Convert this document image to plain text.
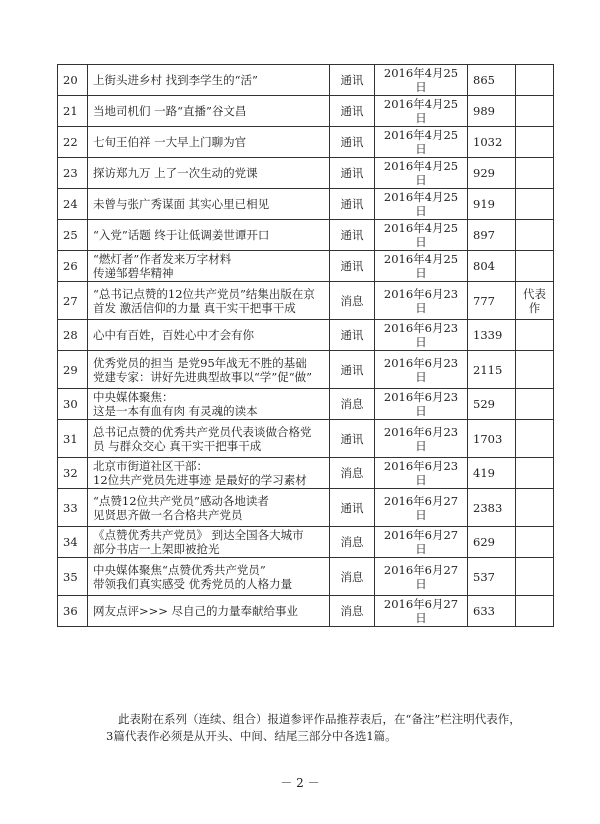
20	上街头进乡村 找到李学生的“活”	通讯	2016年4月25日	865	
21	当地司机们 一路“直播”谷文昌	通讯	2016年4月25日	989	
22	七旬王伯祥 一大早上门聊为官	通讯	2016年4月25日	1032	
23	探访郑九万 上了一次生动的党课	通讯	2016年4月25日	929	
24	未曾与张广秀谋面 其实心里已相见	通讯	2016年4月25日	919	
25	“入党”话题 终于让低调姜世谭开口	通讯	2016年4月25日	897	
26	“燃灯者”作者发来万字材料
传递邹碧华精神	通讯	2016年4月25日	804	
27	“总书记点赞的12位共产党员”结集出版在京
首发 激活信仰的力量 真干实干把事干成	消息	2016年6月23日	777	代表作
28	心中有百姓，百姓心中才会有你	通讯	2016年6月23日	1339	
29	优秀党员的担当 是党95年战无不胜的基础
党建专家：讲好先进典型故事以“学”促“做”	通讯	2016年6月23日	2115	
30	中央媒体聚焦：
这是一本有血有肉 有灵魂的读本	消息	2016年6月23日	529	
31	总书记点赞的优秀共产党员代表谈做合格党
员 与群众交心 真干实干把事干成	通讯	2016年6月23日	1703	
32	北京市街道社区干部：
12位共产党员先进事迹 是最好的学习素材	消息	2016年6月23日	419	
33	“点赞12位共产党员”感动各地读者
见贤思齐做一名合格共产党员	通讯	2016年6月27日	2383	
34	《点赞优秀共产党员》 到达全国各大城市
部分书店一上架即被抢光	消息	2016年6月27日	629	
35	中央媒体聚焦“点赞优秀共产党员”
带领我们真实感受 优秀党员的人格力量	消息	2016年6月27日	537	
36	网友点评>>> 尽自己的力量奉献给事业	消息	2016年6月27日	633	
此表附在系列（连续、组合）报道参评作品推荐表后，在“备注”栏注明代表作，
3篇代表作必须是从开头、中间、结尾三部分中各选1篇。
－ 2 －
